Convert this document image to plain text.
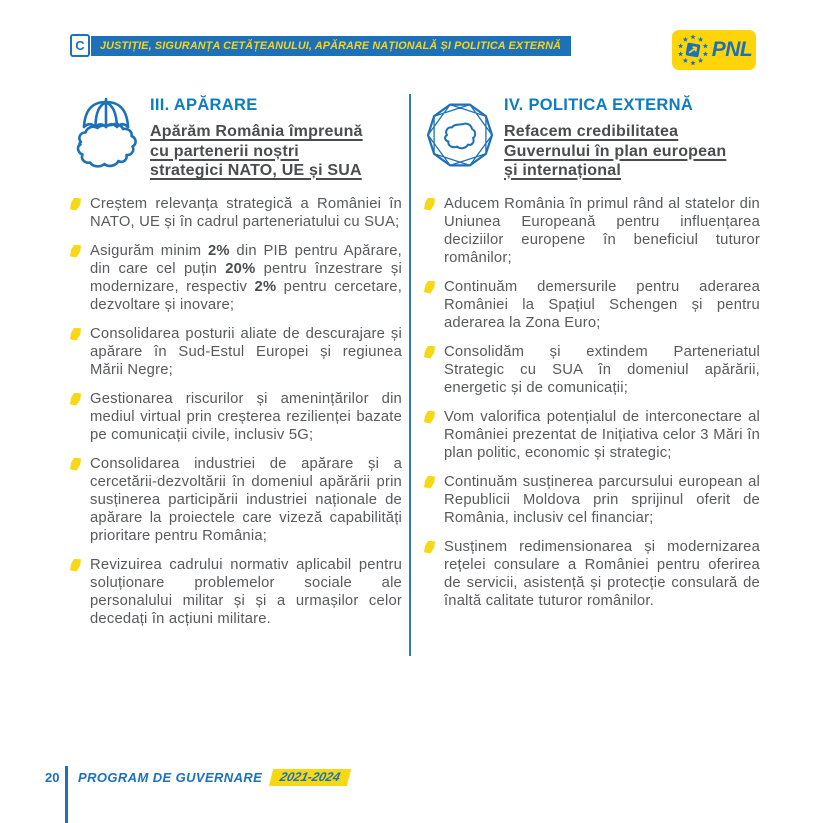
C	JUSTIȚIE, SIGURANȚA CETĂȚEANULUI, APĂRARE NAȚIONALĂ ȘI POLITICA EXTERNĂ	PNL
III. APĂRARE
Apărăm România împreună
cu partenerii noștri
strategici NATO, UE și SUA
Creștem relevanța strategică a României în NATO, UE și în cadrul parteneriatului cu SUA;
Asigurăm minim 2% din PIB pentru Apărare, din care cel puțin 20% pentru înzestrare și modernizare, respectiv 2% pentru cercetare, dezvoltare și inovare;
Consolidarea posturii aliate de descurajare și apărare în Sud-Estul Europei și regiunea Mării Negre;
Gestionarea riscurilor și amenințărilor din mediul virtual prin creșterea rezilienței bazate pe comunicații civile, inclusiv 5G;
Consolidarea industriei de apărare și a cercetării-dezvoltării în domeniul apărării prin susținerea participării industriei naționale de apărare la proiectele care vizeză capabilități prioritare pentru România;
Revizuirea cadrului normativ aplicabil pentru soluționare problemelor sociale ale personalului militar și și a urmașilor celor decedați în acțiuni militare.
IV. POLITICA EXTERNĂ
Refacem credibilitatea
Guvernului în plan european
și internațional
Aducem România în primul rând al statelor din Uniunea Europeană pentru influențarea deciziilor europene în beneficiul tuturor românilor;
Continuăm demersurile pentru aderarea României la Spațiul Schengen și pentru aderarea la Zona Euro;
Consolidăm și extindem Parteneriatul Strategic cu SUA în domeniul apărării, energetic și de comunicații;
Vom valorifica potențialul de interconectare al României prezentat de Inițiativa celor 3 Mări în plan politic, economic și strategic;
Continuăm susținerea parcursului european al Republicii Moldova prin sprijinul oferit de România, inclusiv cel financiar;
Susținem redimensionarea și modernizarea rețelei consulare a României pentru oferirea de servicii, asistență și protecție consulară de înaltă calitate tuturor românilor.
20 PROGRAM DE GUVERNARE	2021-2024
